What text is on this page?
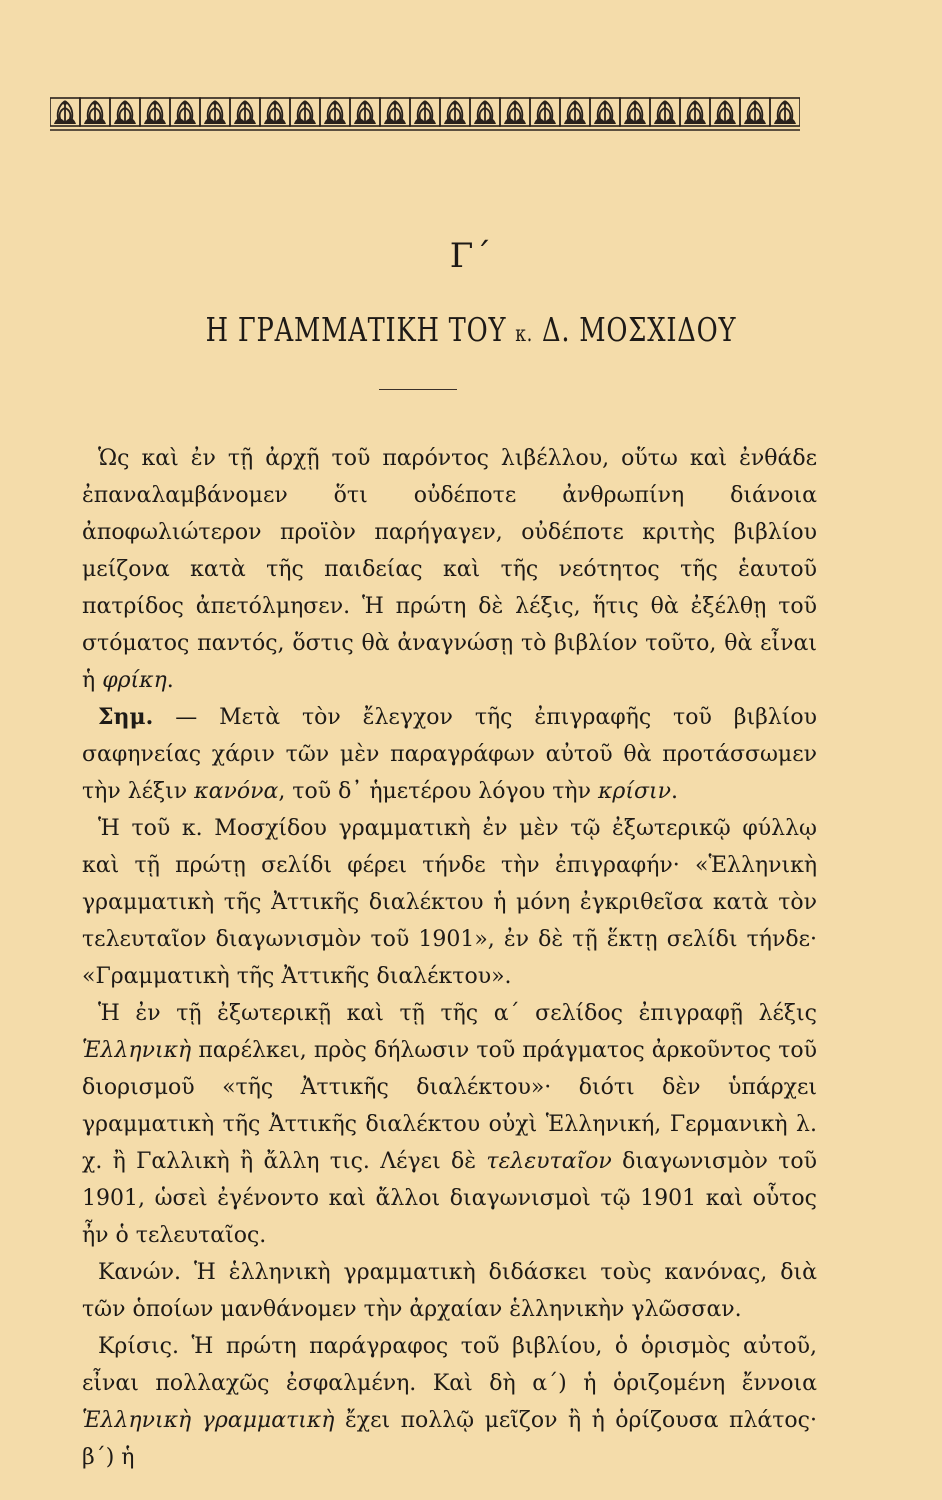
Γ΄
Η ΓΡΑΜΜΑΤΙΚΗ ΤΟΥ κ. Δ. ΜΟΣΧΙΔΟΥ

Ὡς καὶ ἐν τῇ ἀρχῇ τοῦ παρόντος λιβέλλου, οὕτω καὶ ἐνθάδε ἐπαναλαμβάνομεν ὅτι οὐδέποτε ἀνθρωπίνη διάνοια ἀποφωλιώτερον προϊὸν παρήγαγεν, οὐδέποτε κριτὴς βιβλίου μείζονα κατὰ τῆς παιδείας καὶ τῆς νεότητος τῆς ἑαυτοῦ πατρίδος ἀπετόλμησεν. Ἡ πρώτη δὲ λέξις, ἥτις θὰ ἐξέλθῃ τοῦ στόματος παντός, ὅστις θὰ ἀναγνώσῃ τὸ βιβλίον τοῦτο, θὰ εἶναι ἡ φρίκη.

Σημ. — Μετὰ τὸν ἔλεγχον τῆς ἐπιγραφῆς τοῦ βιβλίου σαφηνείας χάριν τῶν μὲν παραγράφων αὐτοῦ θὰ προτάσσωμεν τὴν λέξιν κανόνα, τοῦ δ᾽ ἡμετέρου λόγου τὴν κρίσιν.

Ἡ τοῦ κ. Μοσχίδου γραμματικὴ ἐν μὲν τῷ ἐξωτερικῷ φύλλῳ καὶ τῇ πρώτῃ σελίδι φέρει τήνδε τὴν ἐπιγραφήν· «Ἑλληνικὴ γραμματικὴ τῆς Ἀττικῆς διαλέκτου ἡ μόνη ἐγκριθεῖσα κατὰ τὸν τελευταῖον διαγωνισμὸν τοῦ 1901», ἐν δὲ τῇ ἕκτῃ σελίδι τήνδε· «Γραμματικὴ τῆς Ἀττικῆς διαλέκτου».

Ἡ ἐν τῇ ἐξωτερικῇ καὶ τῇ τῆς α΄ σελίδος ἐπιγραφῇ λέξις Ἑλληνικὴ παρέλκει, πρὸς δήλωσιν τοῦ πράγματος ἀρκοῦντος τοῦ διορισμοῦ «τῆς Ἀττικῆς διαλέκτου»· διότι δὲν ὑπάρχει γραμματικὴ τῆς Ἀττικῆς διαλέκτου οὐχὶ Ἑλληνική, Γερμανικὴ λ. χ. ἢ Γαλλικὴ ἢ ἄλλη τις. Λέγει δὲ τελευταῖον διαγωνισμὸν τοῦ 1901, ὡσεὶ ἐγένοντο καὶ ἄλλοι διαγωνισμοὶ τῷ 1901 καὶ οὗτος ἦν ὁ τελευταῖος.

Κανών. Ἡ ἑλληνικὴ γραμματικὴ διδάσκει τοὺς κανόνας, διὰ τῶν ὁποίων μανθάνομεν τὴν ἀρχαίαν ἑλληνικὴν γλῶσσαν.

Κρίσις. Ἡ πρώτη παράγραφος τοῦ βιβλίου, ὁ ὁρισμὸς αὐτοῦ, εἶναι πολλαχῶς ἐσφαλμένη. Καὶ δὴ α΄) ἡ ὁριζομένη ἔννοια Ἑλληνικὴ γραμματικὴ ἔχει πολλῷ μεῖζον ἢ ἡ ὁρίζουσα πλάτος· β΄) ἡ
